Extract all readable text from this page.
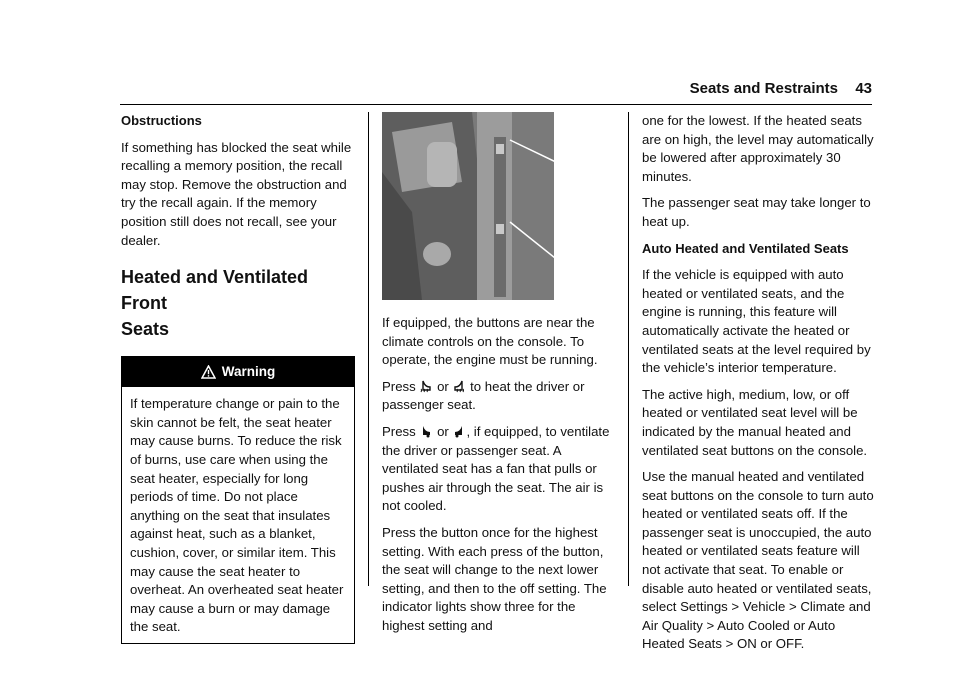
Seats and Restraints 43
Obstructions

If something has blocked the seat while recalling a memory position, the recall may stop. Remove the obstruction and try the recall again. If the memory position still does not recall, see your dealer.

Heated and Ventilated Front
Seats
Warning
If temperature change or pain to the skin cannot be felt, the seat heater may cause burns. To reduce the risk of burns, use care when using the seat heater, especially for long periods of time. Do not place anything on the seat that insulates against heat, such as a blanket, cushion, cover, or similar item. This may cause the seat heater to overheat. An overheated seat heater may cause a burn or may damage the seat.

If equipped, the buttons are near the climate controls on the console. To operate, the engine must be running.

Press or to heat the driver or passenger seat.

Press or , if equipped, to ventilate the driver or passenger seat. A ventilated seat has a fan that pulls or pushes air through the seat. The air is not cooled.

Press the button once for the highest setting. With each press of the button, the seat will change to the next lower setting, and then to the off setting. The indicator lights show three for the highest setting and

one for the lowest. If the heated seats are on high, the level may automatically be lowered after approximately 30 minutes.

The passenger seat may take longer to heat up.

Auto Heated and Ventilated Seats

If the vehicle is equipped with auto heated or ventilated seats, and the engine is running, this feature will automatically activate the heated or ventilated seats at the level required by the vehicle’s interior temperature.

The active high, medium, low, or off heated or ventilated seat level will be indicated by the manual heated and ventilated seat buttons on the console.

Use the manual heated and ventilated seat buttons on the console to turn auto heated or ventilated seats off. If the passenger seat is unoccupied, the auto heated or ventilated seats feature will not activate that seat. To enable or disable auto heated or ventilated seats, select Settings > Vehicle > Climate and Air Quality > Auto Cooled or Auto Heated Seats > ON or OFF.
